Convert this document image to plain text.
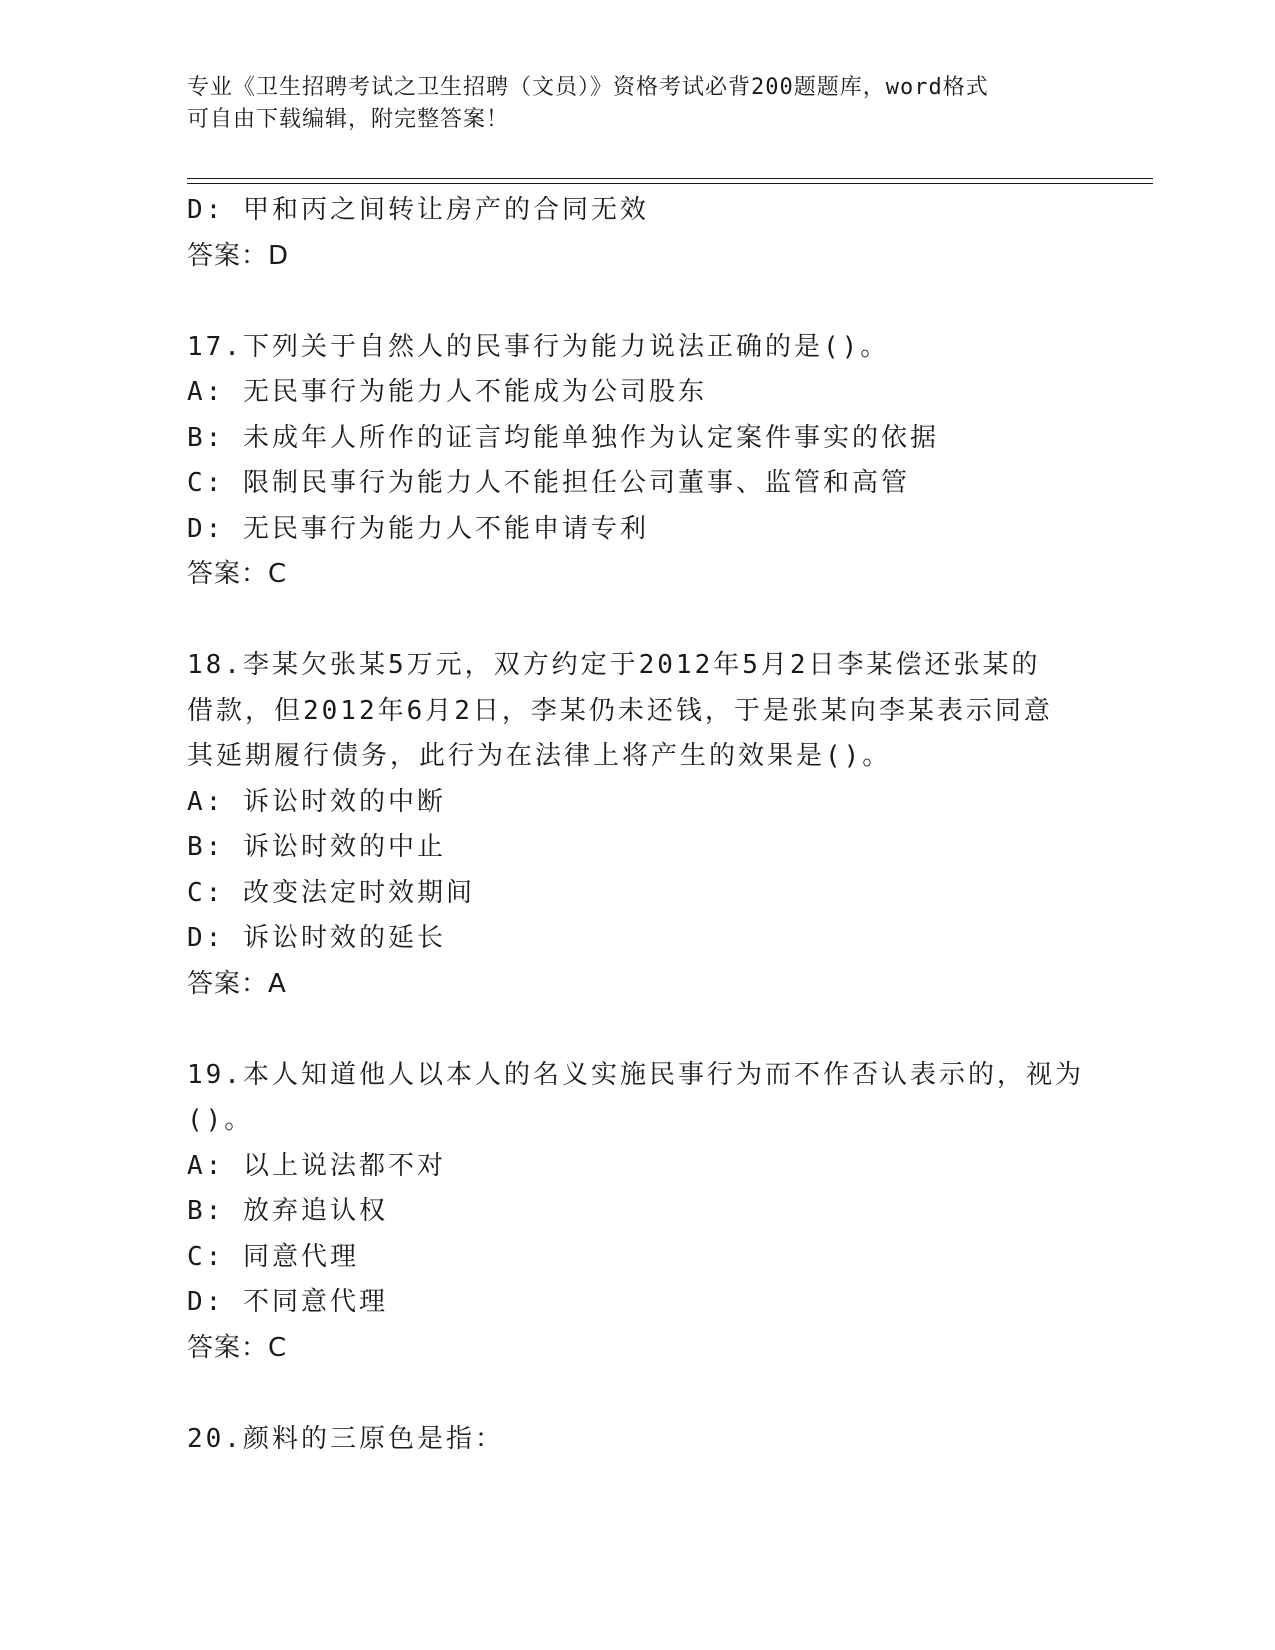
专业《卫生招聘考试之卫生招聘（文员）》资格考试必背200题题库，word格式
可自由下载编辑，附完整答案！
D: 甲和丙之间转让房产的合同无效
答案：D
17.下列关于自然人的民事行为能力说法正确的是()。
A: 无民事行为能力人不能成为公司股东
B: 未成年人所作的证言均能单独作为认定案件事实的依据
C: 限制民事行为能力人不能担任公司董事、监管和高管
D: 无民事行为能力人不能申请专利
答案：C
18.李某欠张某5万元，双方约定于2012年5月2日李某偿还张某的
借款，但2012年6月2日，李某仍未还钱，于是张某向李某表示同意
其延期履行债务，此行为在法律上将产生的效果是()。
A: 诉讼时效的中断
B: 诉讼时效的中止
C: 改变法定时效期间
D: 诉讼时效的延长
答案：A
19.本人知道他人以本人的名义实施民事行为而不作否认表示的，视为
()。
A: 以上说法都不对
B: 放弃追认权
C: 同意代理
D: 不同意代理
答案：C
20.颜料的三原色是指：
